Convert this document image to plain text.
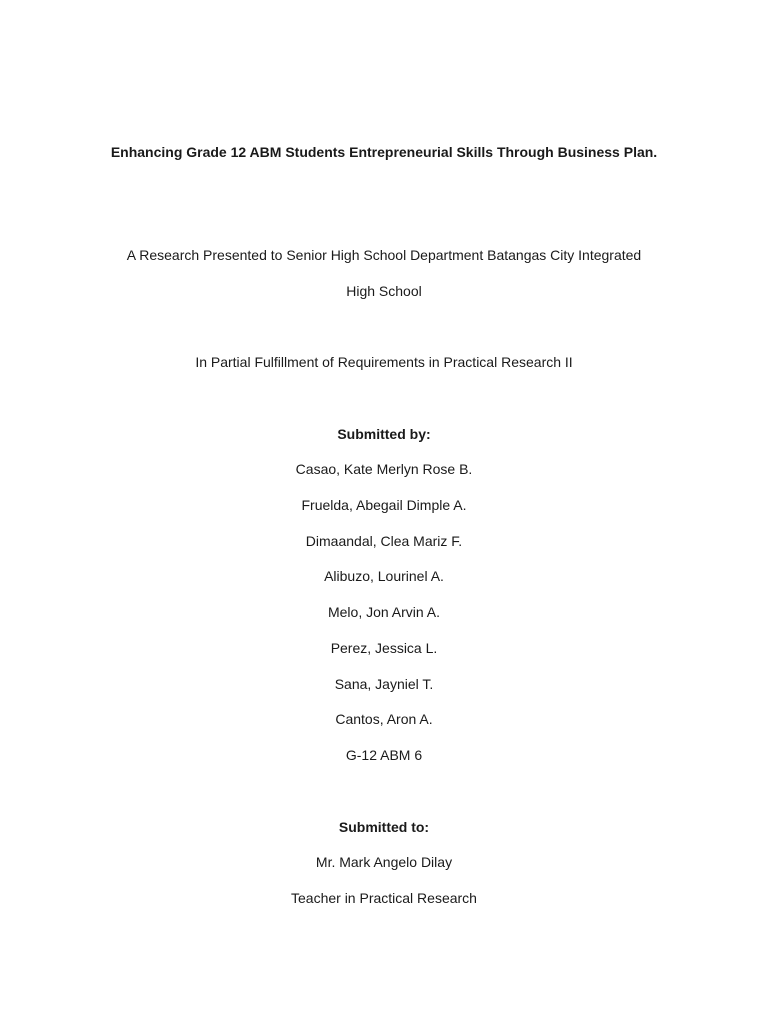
Enhancing Grade 12 ABM Students Entrepreneurial Skills Through Business Plan.
A Research Presented to Senior High School Department Batangas City Integrated
High School
In Partial Fulfillment of Requirements in Practical Research II
Submitted by:
Casao, Kate Merlyn Rose B.
Fruelda, Abegail Dimple A.
Dimaandal, Clea Mariz F.
Alibuzo, Lourinel A.
Melo, Jon Arvin A.
Perez, Jessica L.
Sana, Jayniel T.
Cantos, Aron A.
G-12 ABM 6
Submitted to:
Mr. Mark Angelo Dilay
Teacher in Practical Research
